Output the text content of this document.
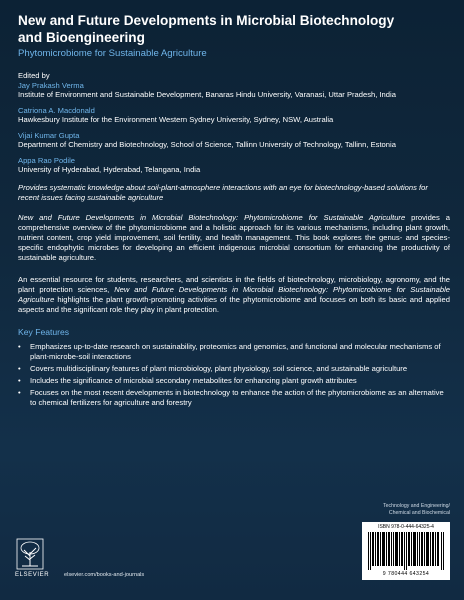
New and Future Developments in Microbial Biotechnology
and Bioengineering
Phytomicrobiome for Sustainable Agriculture
Edited by
Jay Prakash Verma
Institute of Environment and Sustainable Development, Banaras Hindu University, Varanasi, Uttar Pradesh, India
Catriona A. Macdonald
Hawkesbury Institute for the Environment Western Sydney University, Sydney, NSW, Australia
Vijai Kumar Gupta
Department of Chemistry and Biotechnology, School of Science, Tallinn University of Technology, Tallinn, Estonia
Appa Rao Podile
University of Hyderabad, Hyderabad, Telangana, India
Provides systematic knowledge about soil-plant-atmosphere interactions with an eye for biotechnology-based solutions for recent issues facing sustainable agriculture

New and Future Developments in Microbial Biotechnology: Phytomicrobiome for Sustainable Agriculture provides a comprehensive overview of the phytomicrobiome and a holistic approach for its various mechanisms, including plant growth, nutrient content, crop yield improvement, soil fertility, and health management. This book explores the genus- and species-specific endophytic microbes for developing an efficient indigenous microbial consortium for enhancing the productivity of sustainable agriculture.

An essential resource for students, researchers, and scientists in the fields of biotechnology, microbiology, agronomy, and the plant protection sciences, New and Future Developments in Microbial Biotechnology: Phytomicrobiome for Sustainable Agriculture highlights the plant growth-promoting activities of the phytomicrobiome and focuses on both its basic and applied aspects and the significant role they play in plant protection.

Key Features
• Emphasizes up-to-date research on sustainability, proteomics and genomics, and functional and molecular mechanisms of plant-microbe-soil interactions
• Covers multidisciplinary features of plant microbiology, plant physiology, soil science, and sustainable agriculture
• Includes the significance of microbial secondary metabolites for enhancing plant growth attributes
• Focuses on the most recent developments in biotechnology to enhance the action of the phytomicrobiome as an alternative to chemical fertilizers for agriculture and forestry
Technology and Engineering/
Chemical and Biochemical
ISBN 978-0-444-64325-4
9 780444 643254
ELSEVIER	elsevier.com/books-and-journals
